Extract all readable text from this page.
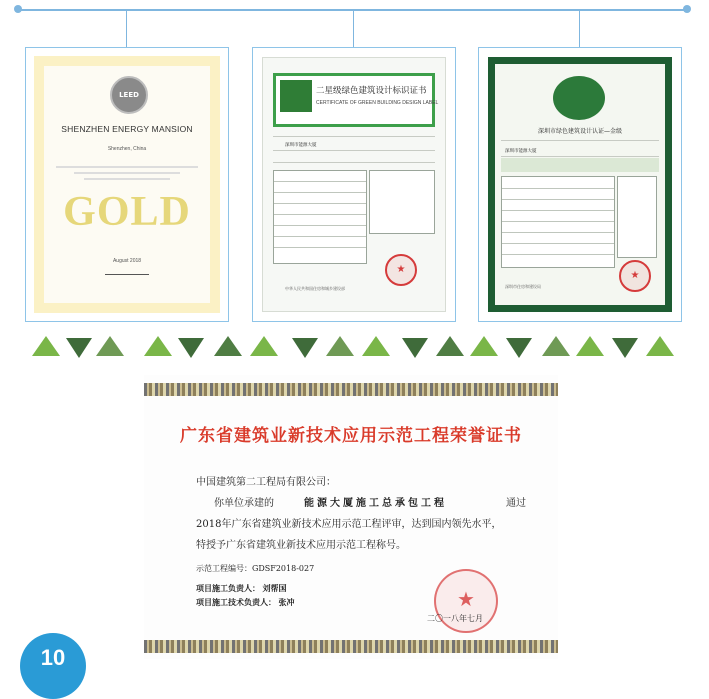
LEED
SHENZHEN ENERGY MANSION
Shenzhen, China
GOLD
August 2018
二星级绿色建筑设计标识证书
CERTIFICATE OF GREEN BUILDING DESIGN LABEL
深圳市能源大厦
★
中华人民共和国住房和城乡建设部
深圳市绿色建筑设计认证—金级
深圳市能源大厦
★
深圳市住房和建设局
广东省建筑业新技术应用示范工程荣誉证书
中国建筑第二工程局有限公司：
你单位承建的	能源大厦施工总承包工程	通过
2018年广东省建筑业新技术应用示范工程评审，达到国内领先水平，
特授予广东省建筑业新技术应用示范工程称号。
示范工程编号：GDSF2018-027
项目施工负责人： 刘帮国
项目施工技术负责人： 张冲	★
二〇一八年七月
10
